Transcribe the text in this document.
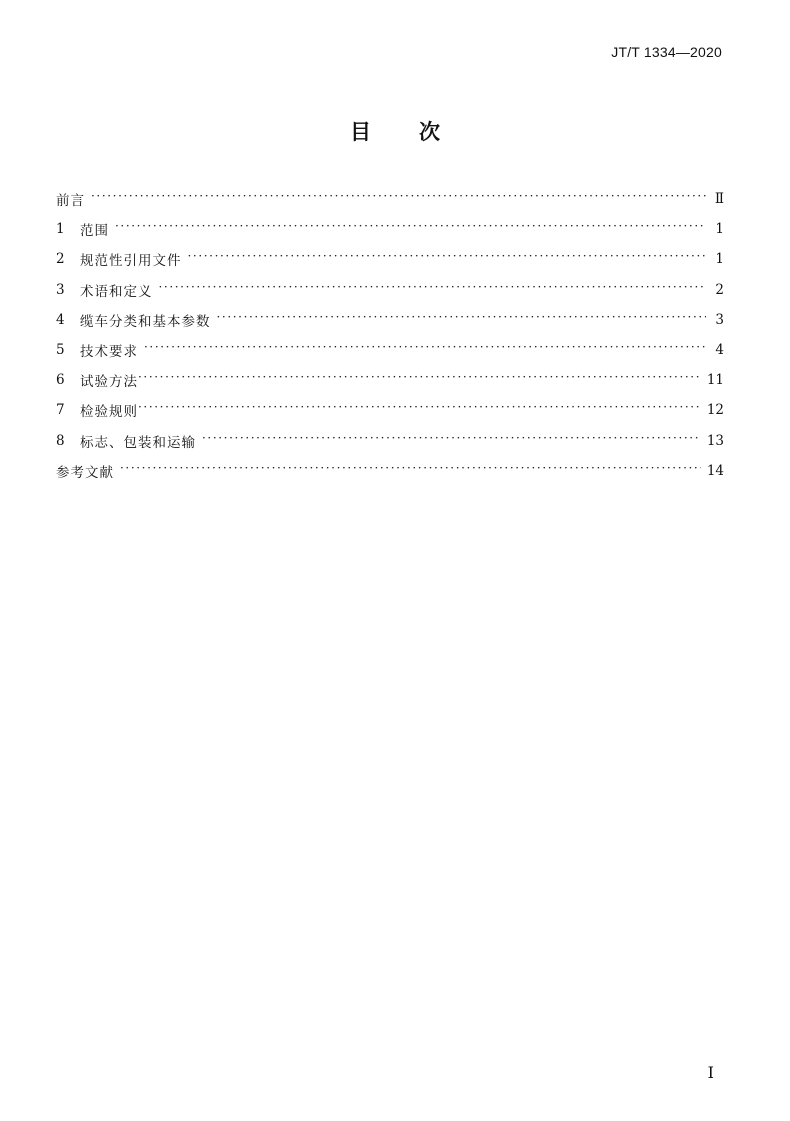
JT/T 1334—2020
目 次
前言 ·····	Ⅱ
1	范围 ·····	1
2	规范性引用文件 ·····	1
3	术语和定义 ·····	2
4	缆车分类和基本参数 ·····	3
5	技术要求 ·····	4
6	试验方法 ·····	11
7	检验规则 ·····	12
8	标志、包装和运输 ·····	13
参考文献 ·····	14
I
